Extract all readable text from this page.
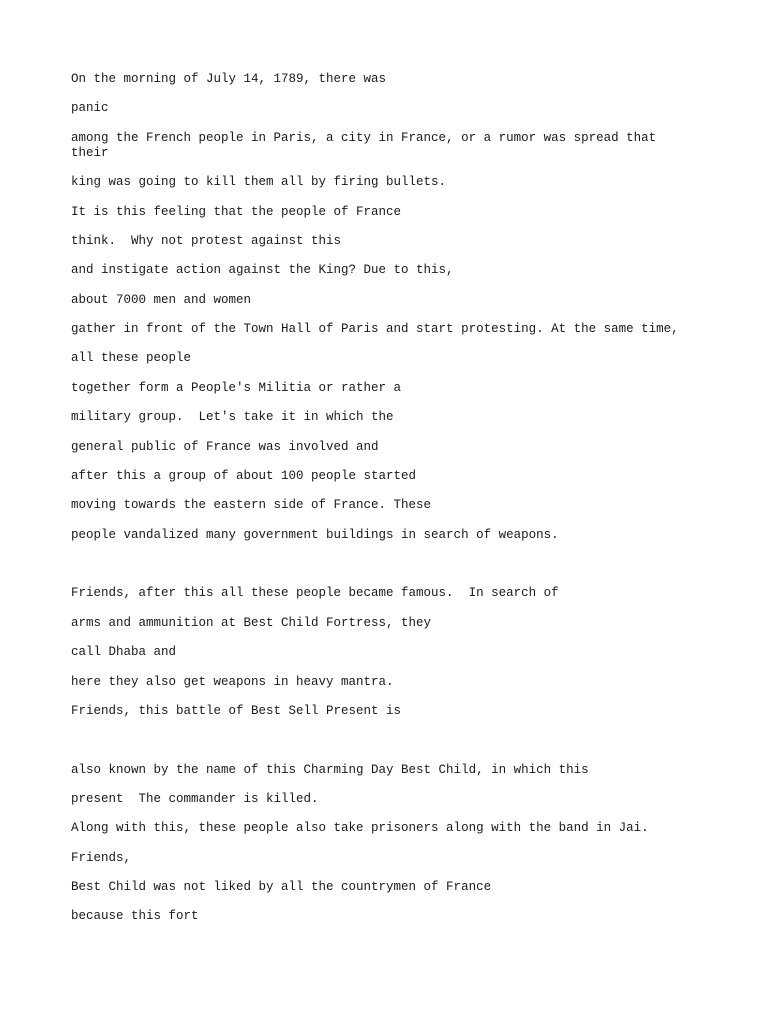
On the morning of July 14, 1789, there was

panic

among the French people in Paris, a city in France, or a rumor was spread that their

king was going to kill them all by firing bullets.

It is this feeling that the people of France

think.  Why not protest against this

and instigate action against the King? Due to this,

about 7000 men and women

gather in front of the Town Hall of Paris and start protesting. At the same time,

all these people

together form a People's Militia or rather a

military group.  Let's take it in which the

general public of France was involved and

after this a group of about 100 people started

moving towards the eastern side of France. These

people vandalized many government buildings in search of weapons.

Friends, after this all these people became famous.  In search of

arms and ammunition at Best Child Fortress, they

call Dhaba and

here they also get weapons in heavy mantra.

Friends, this battle of Best Sell Present is

also known by the name of this Charming Day Best Child, in which this

present  The commander is killed.

Along with this, these people also take prisoners along with the band in Jai.

Friends,

Best Child was not liked by all the countrymen of France

because this fort
